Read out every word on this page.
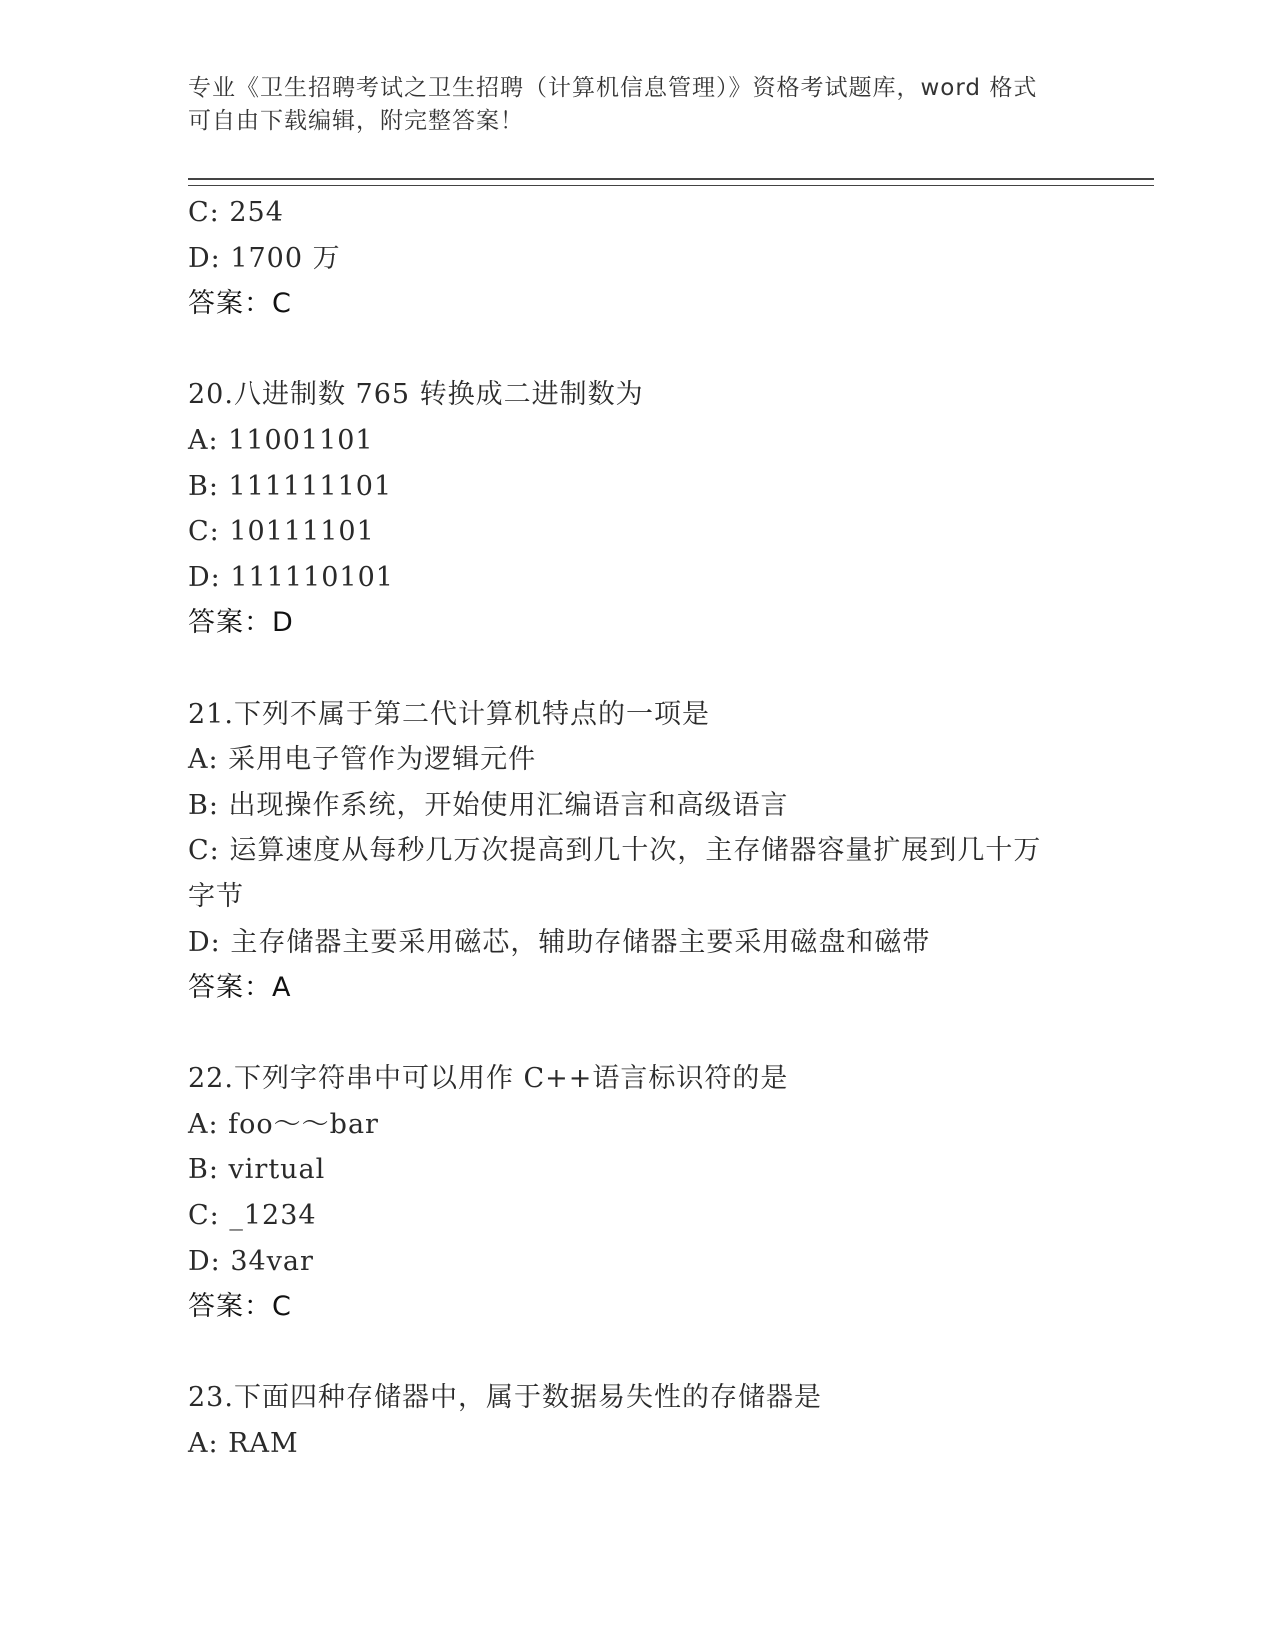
专业《卫生招聘考试之卫生招聘（计算机信息管理）》资格考试题库，word 格式
可自由下载编辑，附完整答案！
C: 254
D: 1700 万
答案：C
20.八进制数 765 转换成二进制数为
A: 11001101
B: 111111101
C: 10111101
D: 111110101
答案：D
21.下列不属于第二代计算机特点的一项是
A: 采用电子管作为逻辑元件
B: 出现操作系统，开始使用汇编语言和高级语言
C: 运算速度从每秒几万次提高到几十次，主存储器容量扩展到几十万
字节
D: 主存储器主要采用磁芯，辅助存储器主要采用磁盘和磁带
答案：A
22.下列字符串中可以用作 C++语言标识符的是
A: foo～～bar
B: virtual
C: _1234
D: 34var
答案：C
23.下面四种存储器中，属于数据易失性的存储器是
A: RAM
